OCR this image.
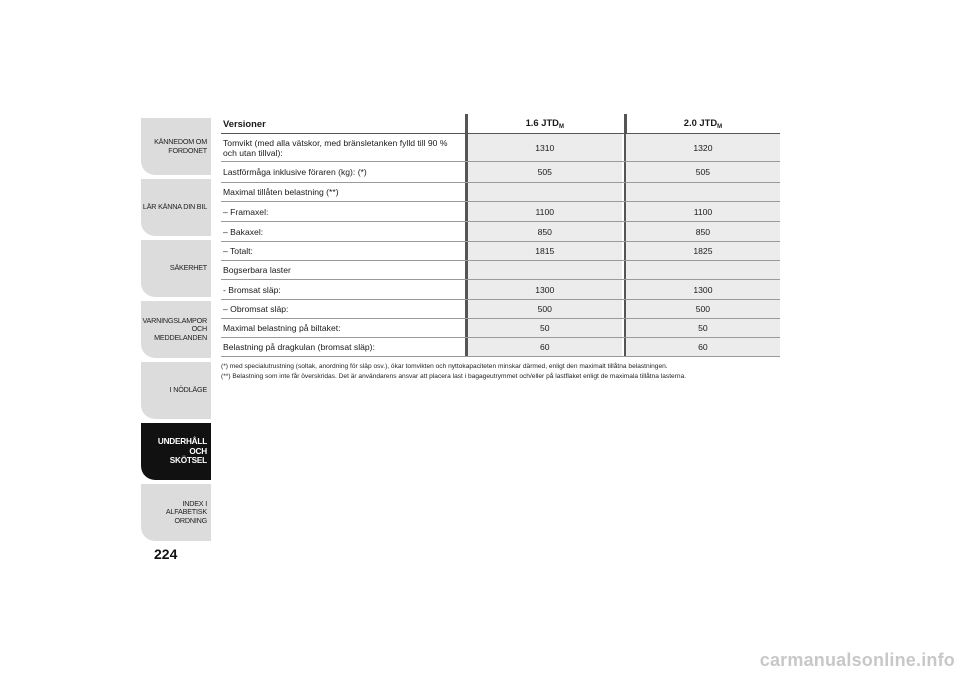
KÄNNEDOM OM
FORDONET
LÄR KÄNNA DIN BIL
SÄKERHET
VARNINGSLAMPOR
OCH MEDDELANDEN
I NÖDLÄGE
UNDERHÅLL OCH
SKÖTSEL
INDEX I ALFABETISK
ORDNING
224
Versioner	1.6 $JTD_M$	2.0 $JTD_M$
Tomvikt (med alla vätskor, med bränsletanken fylld till 90 % och utan tillval):	1310	1320
Lastförmåga inklusive föraren (kg): (*)	505	505
Maximal tillåten belastning (**)
– Framaxel:	1100	1100
– Bakaxel:	850	850
– Totalt:	1815	1825
Bogserbara laster
- Bromsat släp:	1300	1300
– Obromsat släp:	500	500
Maximal belastning på biltaket:	50	50
Belastning på dragkulan (bromsat släp):	60	60
(*) med specialutrustning (soltak, anordning för släp osv.), ökar tomvikten och nyttokapaciteten minskar därmed, enligt den maximalt tillåtna belastningen.
(**) Belastning som inte får överskridas. Det är användarens ansvar att placera last i bagageutrymmet och/eller på lastflaket enligt de maximala tillåtna lasterna.
carmanualsonline.info
